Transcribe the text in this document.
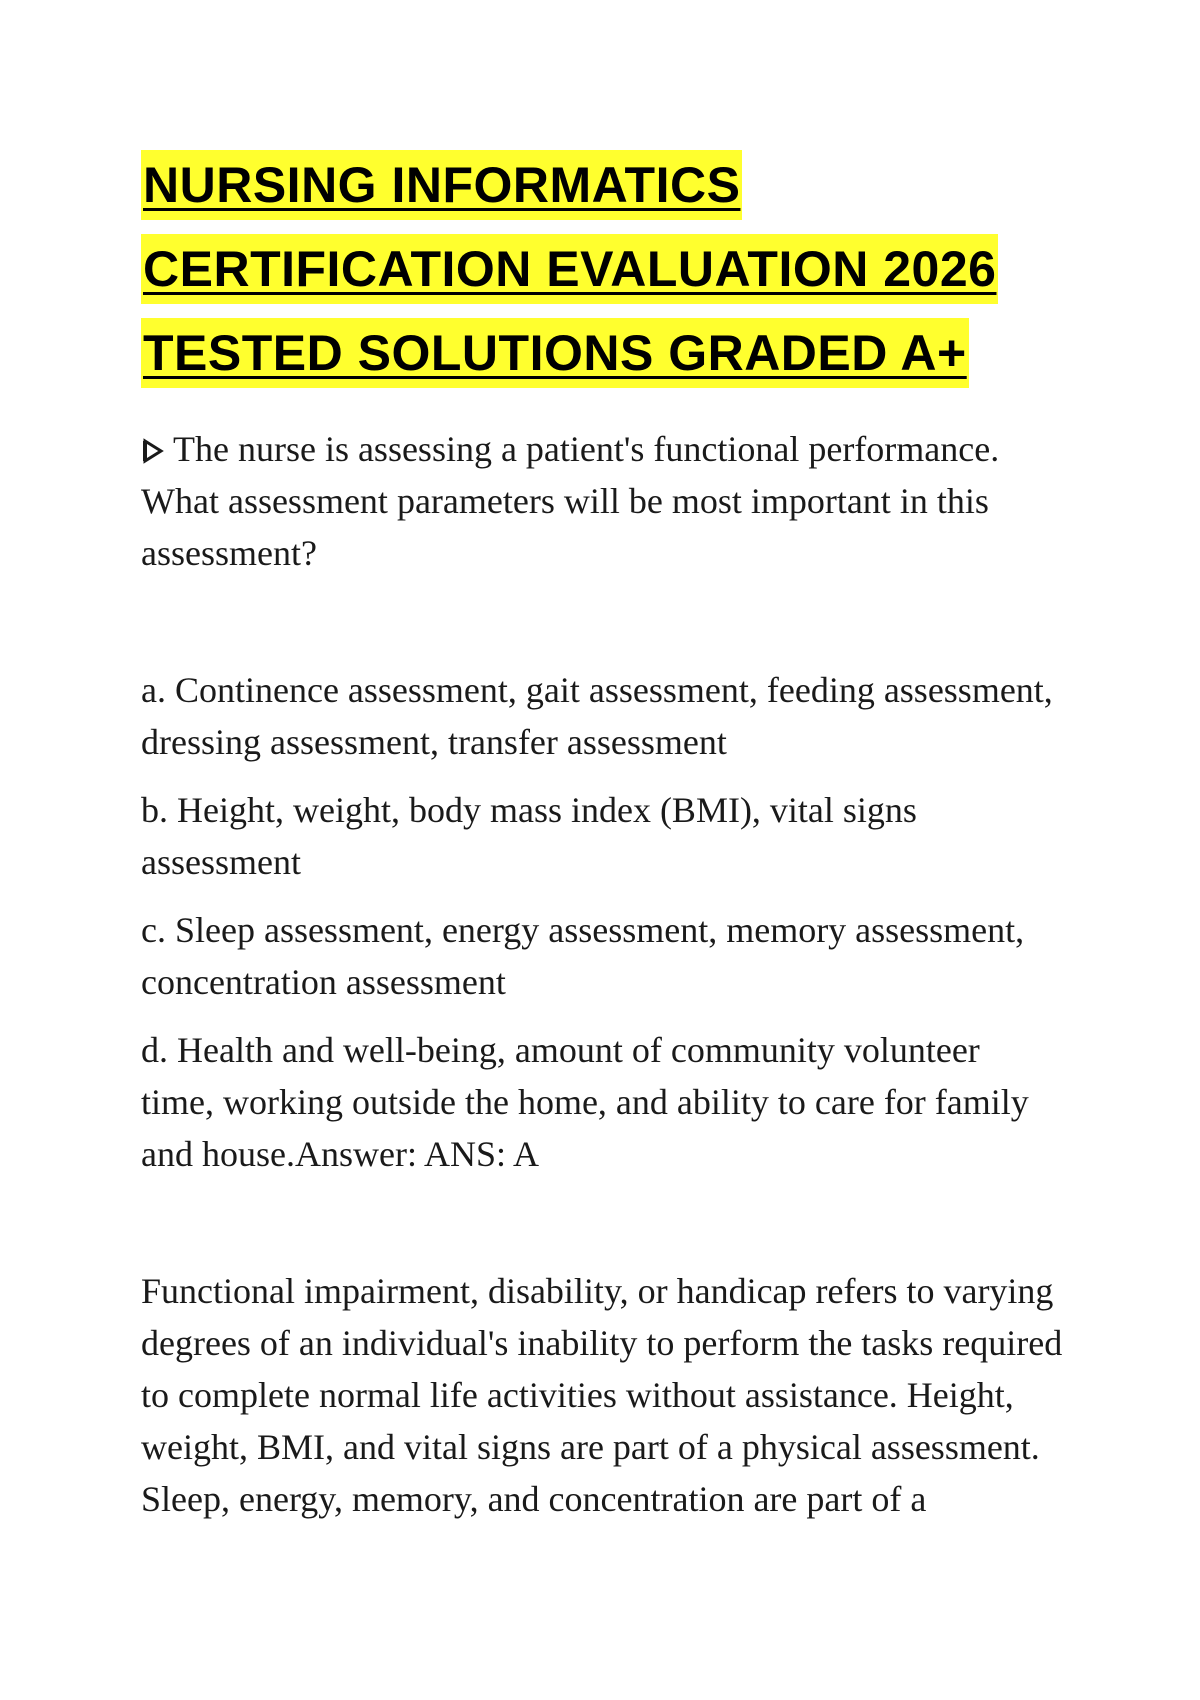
NURSING INFORMATICS
CERTIFICATION EVALUATION 2026
TESTED SOLUTIONS GRADED A+
The nurse is assessing a patient's functional performance. What assessment parameters will be most important in this assessment?
a. Continence assessment, gait assessment, feeding assessment, dressing assessment, transfer assessment
b. Height, weight, body mass index (BMI), vital signs assessment
c. Sleep assessment, energy assessment, memory assessment, concentration assessment
d. Health and well-being, amount of community volunteer time, working outside the home, and ability to care for family and house.Answer: ANS: A
Functional impairment, disability, or handicap refers to varying degrees of an individual's inability to perform the tasks required to complete normal life activities without assistance. Height, weight, BMI, and vital signs are part of a physical assessment. Sleep, energy, memory, and concentration are part of a
